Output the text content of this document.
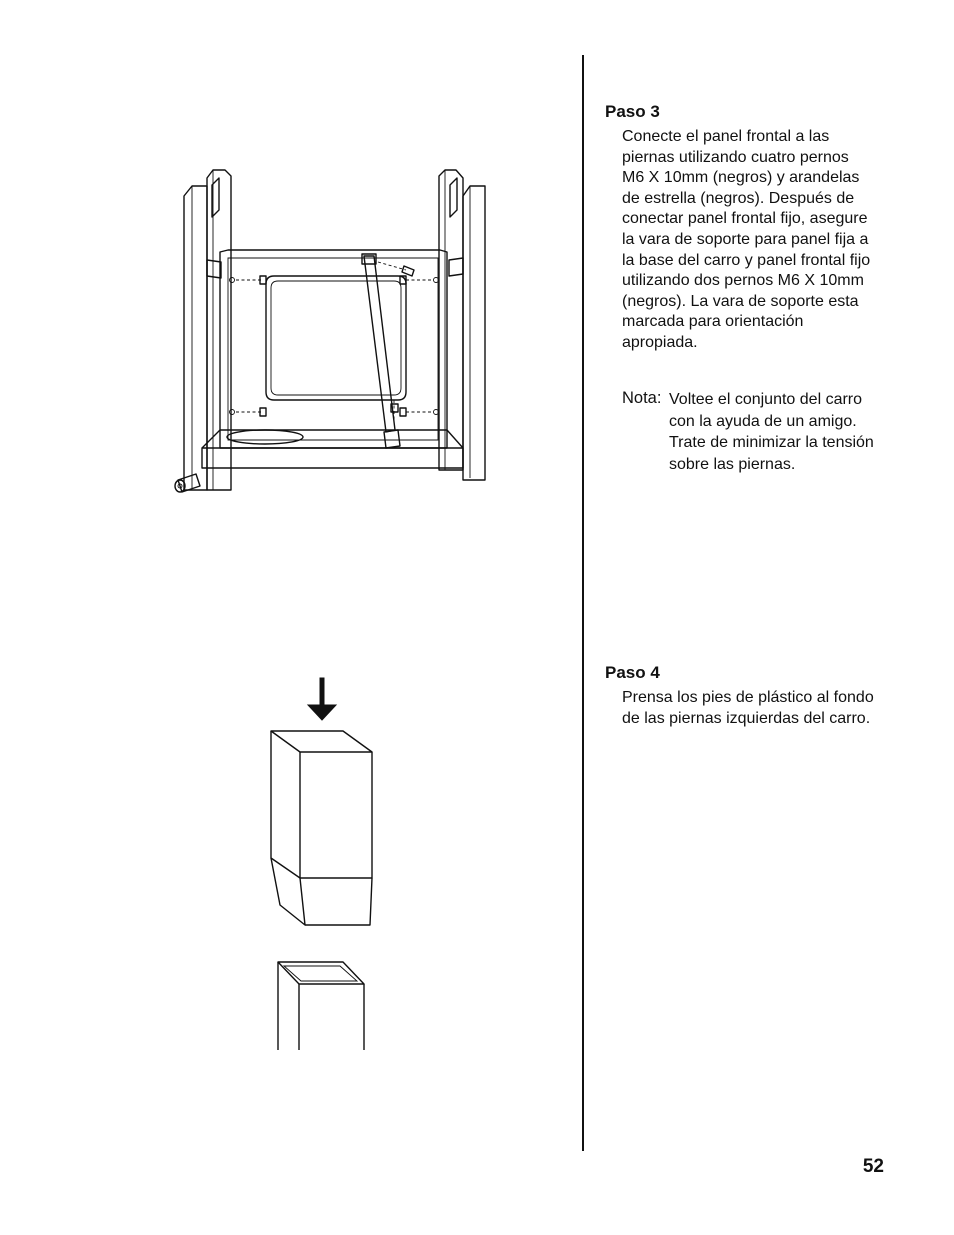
Paso 3
Conecte el panel frontal a las
piernas utilizando cuatro pernos
M6 X 10mm (negros) y arandelas
de estrella (negros). Después de
conectar panel frontal fijo, asegure
la vara de soporte para panel fija a
la base del carro y panel frontal fijo
utilizando dos pernos M6 X 10mm
(negros). La vara de soporte esta
marcada para orientación
apropiada.
Nota: Voltee el conjunto del carro
con la ayuda de un amigo.
Trate de minimizar la tensión
sobre las piernas.
Paso 4
Prensa los pies de plástico al fondo
de las piernas izquierdas del carro.
52
